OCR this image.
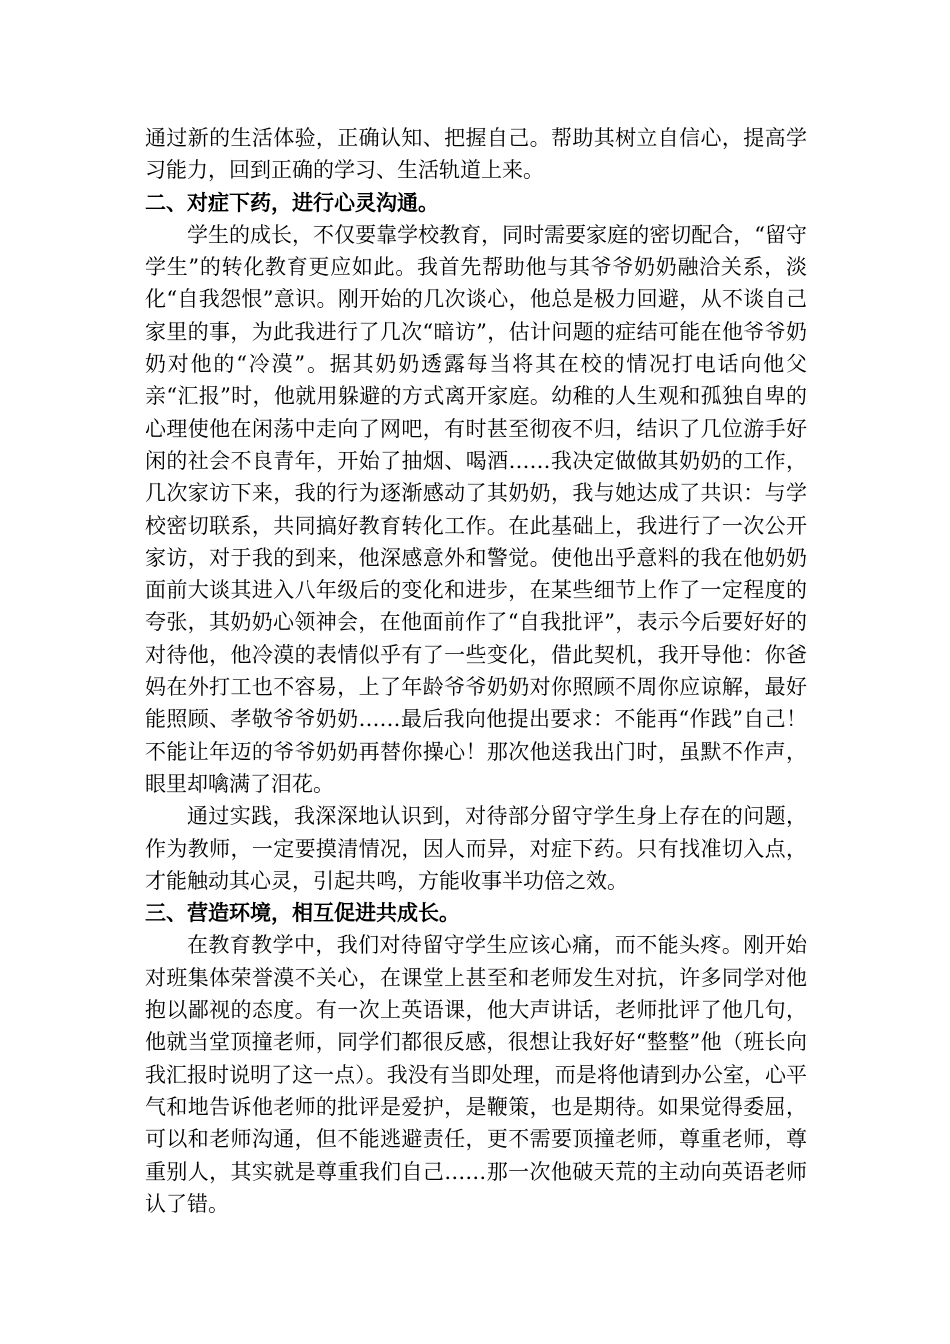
通过新的生活体验，正确认知、把握自己。帮助其树立自信心，提高学习能力，回到正确的学习、生活轨道上来。

二、对症下药，进行心灵沟通。

学生的成长，不仅要靠学校教育，同时需要家庭的密切配合，“留守学生”的转化教育更应如此。我首先帮助他与其爷爷奶奶融洽关系，淡化“自我怨恨”意识。刚开始的几次谈心，他总是极力回避，从不谈自己家里的事，为此我进行了几次“暗访”，估计问题的症结可能在他爷爷奶奶对他的“冷漠”。据其奶奶透露每当将其在校的情况打电话向他父亲“汇报”时，他就用躲避的方式离开家庭。幼稚的人生观和孤独自卑的心理使他在闲荡中走向了网吧，有时甚至彻夜不归，结识了几位游手好闲的社会不良青年，开始了抽烟、喝酒……我决定做做其奶奶的工作，几次家访下来，我的行为逐渐感动了其奶奶，我与她达成了共识：与学校密切联系，共同搞好教育转化工作。在此基础上，我进行了一次公开家访，对于我的到来，他深感意外和警觉。使他出乎意料的我在他奶奶面前大谈其进入八年级后的变化和进步，在某些细节上作了一定程度的夸张，其奶奶心领神会，在他面前作了“自我批评”，表示今后要好好的对待他，他冷漠的表情似乎有了一些变化，借此契机，我开导他：你爸妈在外打工也不容易，上了年龄爷爷奶奶对你照顾不周你应谅解，最好能照顾、孝敬爷爷奶奶……最后我向他提出要求：不能再“作践”自己！不能让年迈的爷爷奶奶再替你操心！那次他送我出门时，虽默不作声，眼里却噙满了泪花。

通过实践，我深深地认识到，对待部分留守学生身上存在的问题，作为教师，一定要摸清情况，因人而异，对症下药。只有找准切入点，才能触动其心灵，引起共鸣，方能收事半功倍之效。

三、营造环境，相互促进共成长。

在教育教学中，我们对待留守学生应该心痛，而不能头疼。刚开始对班集体荣誉漠不关心，在课堂上甚至和老师发生对抗，许多同学对他抱以鄙视的态度。有一次上英语课，他大声讲话，老师批评了他几句，他就当堂顶撞老师，同学们都很反感，很想让我好好“整整”他（班长向我汇报时说明了这一点）。我没有当即处理，而是将他请到办公室，心平气和地告诉他老师的批评是爱护，是鞭策，也是期待。如果觉得委屈，可以和老师沟通，但不能逃避责任，更不需要顶撞老师，尊重老师，尊重别人，其实就是尊重我们自己……那一次他破天荒的主动向英语老师认了错。
